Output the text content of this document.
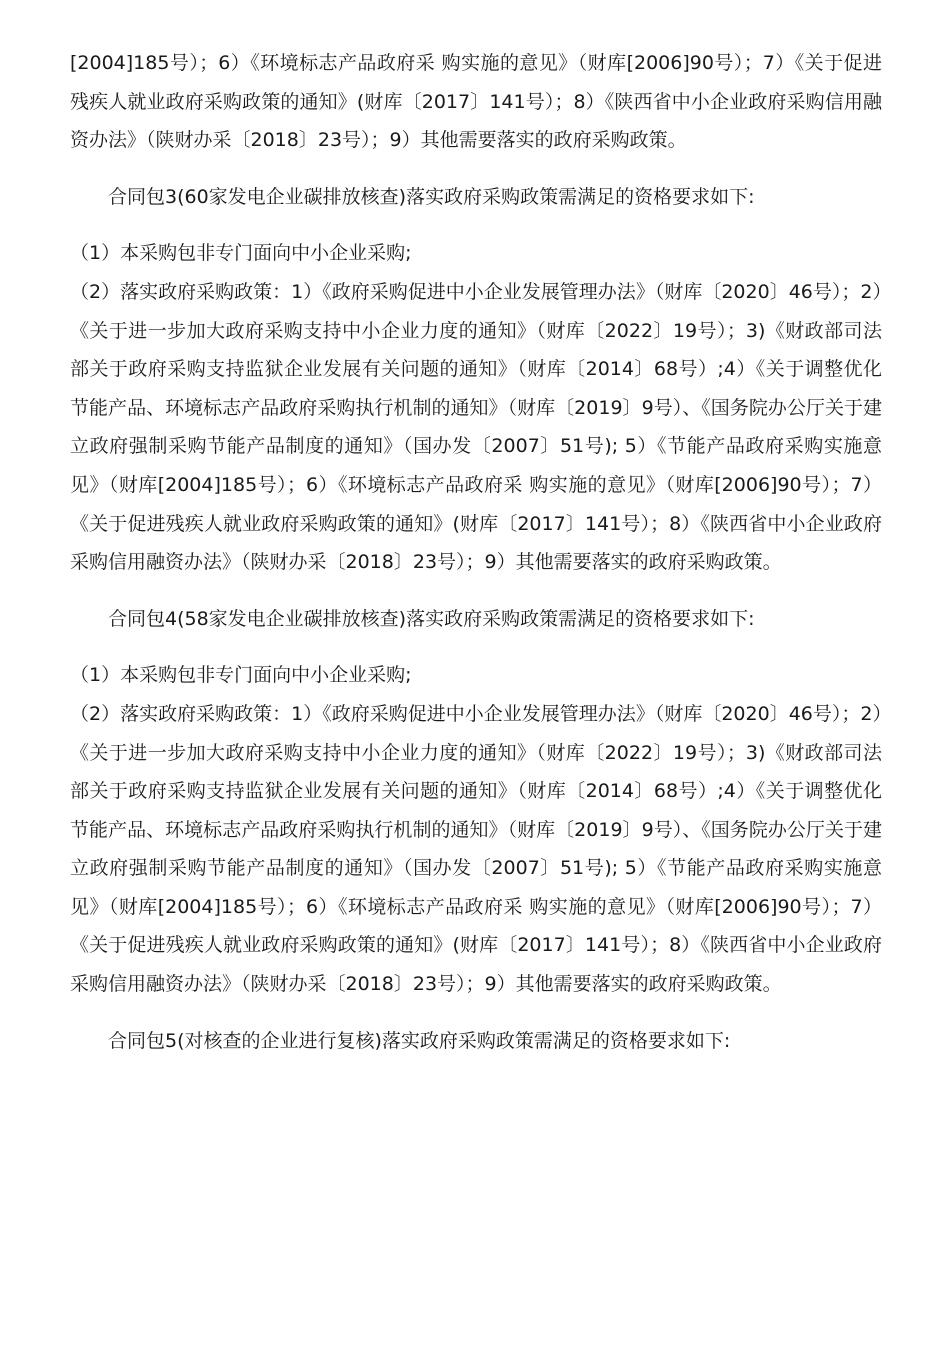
[2004]185号）；6）《环境标志产品政府采 购实施的意见》（财库[2006]90号）；7）《关于促进残疾人就业政府采购政策的通知》(财库〔2017〕141号）；8）《陕西省中小企业政府采购信用融资办法》（陕财办采〔2018〕23号）；9）其他需要落实的政府采购政策。

合同包3(60家发电企业碳排放核查)落实政府采购政策需满足的资格要求如下:

（1）本采购包非专门面向中小企业采购;

（2）落实政府采购政策：1）《政府采购促进中小企业发展管理办法》（财库〔2020〕46号）；2）《关于进一步加大政府采购支持中小企业力度的通知》（财库〔2022〕19号）；3)《财政部司法部关于政府采购支持监狱企业发展有关问题的通知》（财库〔2014〕68号）;4）《关于调整优化节能产品、环境标志产品政府采购执行机制的通知》（财库〔2019〕9号）、《国务院办公厅关于建立政府强制采购节能产品制度的通知》（国办发〔2007〕51号); 5）《节能产品政府采购实施意见》（财库[2004]185号）；6）《环境标志产品政府采 购实施的意见》（财库[2006]90号）；7）《关于促进残疾人就业政府采购政策的通知》(财库〔2017〕141号）；8）《陕西省中小企业政府采购信用融资办法》（陕财办采〔2018〕23号）；9）其他需要落实的政府采购政策。

合同包4(58家发电企业碳排放核查)落实政府采购政策需满足的资格要求如下:

（1）本采购包非专门面向中小企业采购;

（2）落实政府采购政策：1）《政府采购促进中小企业发展管理办法》（财库〔2020〕46号）；2）《关于进一步加大政府采购支持中小企业力度的通知》（财库〔2022〕19号）；3)《财政部司法部关于政府采购支持监狱企业发展有关问题的通知》（财库〔2014〕68号）;4）《关于调整优化节能产品、环境标志产品政府采购执行机制的通知》（财库〔2019〕9号）、《国务院办公厅关于建立政府强制采购节能产品制度的通知》（国办发〔2007〕51号); 5）《节能产品政府采购实施意见》（财库[2004]185号）；6）《环境标志产品政府采 购实施的意见》（财库[2006]90号）；7）《关于促进残疾人就业政府采购政策的通知》(财库〔2017〕141号）；8）《陕西省中小企业政府采购信用融资办法》（陕财办采〔2018〕23号）；9）其他需要落实的政府采购政策。

合同包5(对核查的企业进行复核)落实政府采购政策需满足的资格要求如下:
